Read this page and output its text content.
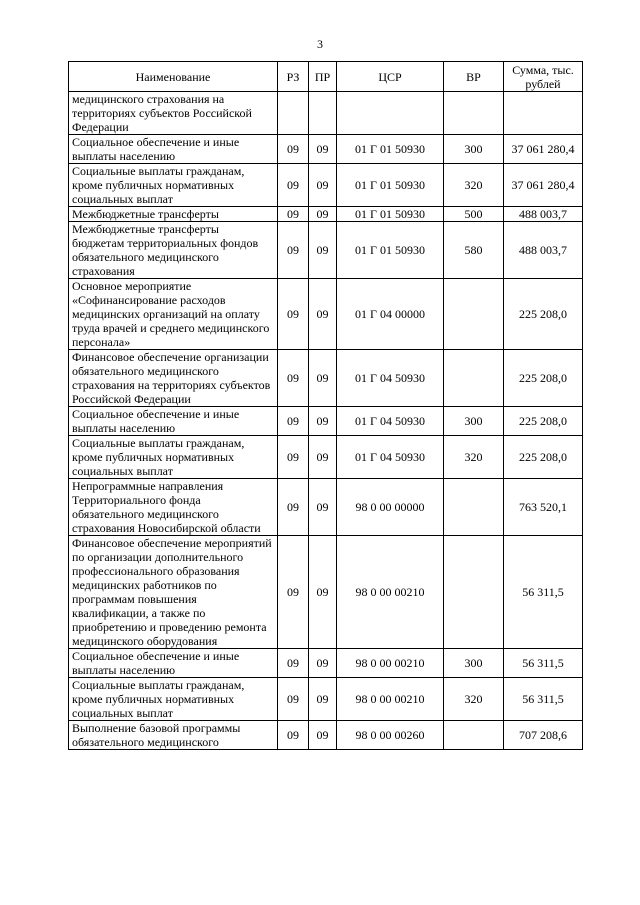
3
Наименование	РЗ	ПР	ЦСР	ВР	Сумма, тыс. рублей
медицинского страхования на территориях субъектов Российской Федерации					
Социальное обеспечение и иные выплаты населению	09	09	01 Г 01 50930	300	37 061 280,4
Социальные выплаты гражданам, кроме публичных нормативных социальных выплат	09	09	01 Г 01 50930	320	37 061 280,4
Межбюджетные трансферты	09	09	01 Г 01 50930	500	488 003,7
Межбюджетные трансферты бюджетам территориальных фондов обязательного медицинского страхования	09	09	01 Г 01 50930	580	488 003,7
Основное мероприятие «Софинансирование расходов медицинских организаций на оплату труда врачей и среднего медицинского персонала»	09	09	01 Г 04 00000		225 208,0
Финансовое обеспечение организации обязательного медицинского страхования на территориях субъектов Российской Федерации	09	09	01 Г 04 50930		225 208,0
Социальное обеспечение и иные выплаты населению	09	09	01 Г 04 50930	300	225 208,0
Социальные выплаты гражданам, кроме публичных нормативных социальных выплат	09	09	01 Г 04 50930	320	225 208,0
Непрограммные направления Территориального фонда обязательного медицинского страхования Новосибирской области	09	09	98 0 00 00000		763 520,1
Финансовое обеспечение мероприятий по организации дополнительного профессионального образования медицинских работников по программам повышения квалификации, а также по приобретению и проведению ремонта медицинского оборудования	09	09	98 0 00 00210		56 311,5
Социальное обеспечение и иные выплаты населению	09	09	98 0 00 00210	300	56 311,5
Социальные выплаты гражданам, кроме публичных нормативных социальных выплат	09	09	98 0 00 00210	320	56 311,5
Выполнение базовой программы обязательного медицинского	09	09	98 0 00 00260		707 208,6
